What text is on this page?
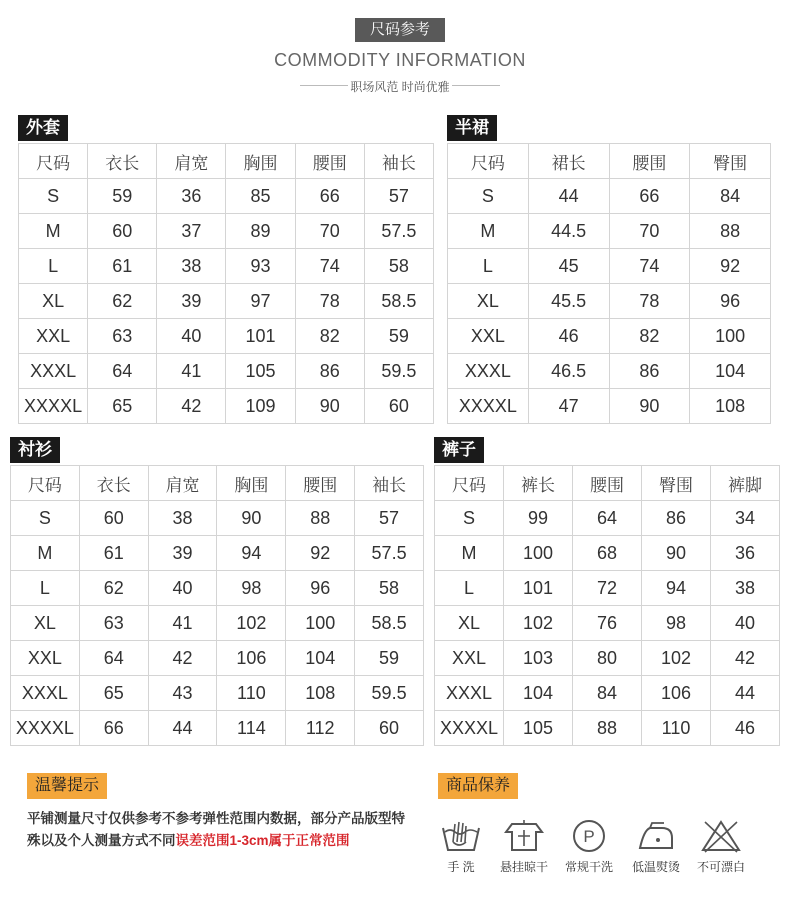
尺码参考
COMMODITY INFORMATION
职场风范 时尚优雅
外套
尺码	衣长	肩宽	胸围	腰围	袖长
S	59	36	85	66	57
M	60	37	89	70	57.5
L	61	38	93	74	58
XL	62	39	97	78	58.5
XXL	63	40	101	82	59
XXXL	64	41	105	86	59.5
XXXXL	65	42	109	90	60
半裙
尺码	裙长	腰围	臀围
S	44	66	84
M	44.5	70	88
L	45	74	92
XL	45.5	78	96
XXL	46	82	100
XXXL	46.5	86	104
XXXXL	47	90	108
衬衫
尺码	衣长	肩宽	胸围	腰围	袖长
S	60	38	90	88	57
M	61	39	94	92	57.5
L	62	40	98	96	58
XL	63	41	102	100	58.5
XXL	64	42	106	104	59
XXXL	65	43	110	108	59.5
XXXXL	66	44	114	112	60
裤子
尺码	裤长	腰围	臀围	裤脚
S	99	64	86	34
M	100	68	90	36
L	101	72	94	38
XL	102	76	98	40
XXL	103	80	102	42
XXXL	104	84	106	44
XXXXL	105	88	110	46
温馨提示
平铺测量尺寸仅供参考不参考弹性范围内数据，部分产品版型特殊以及个人测量方式不同误差范围1-3cm属于正常范围
商品保养
手 洗	悬挂晾干
P
常规干洗	低温熨烫	不可漂白
